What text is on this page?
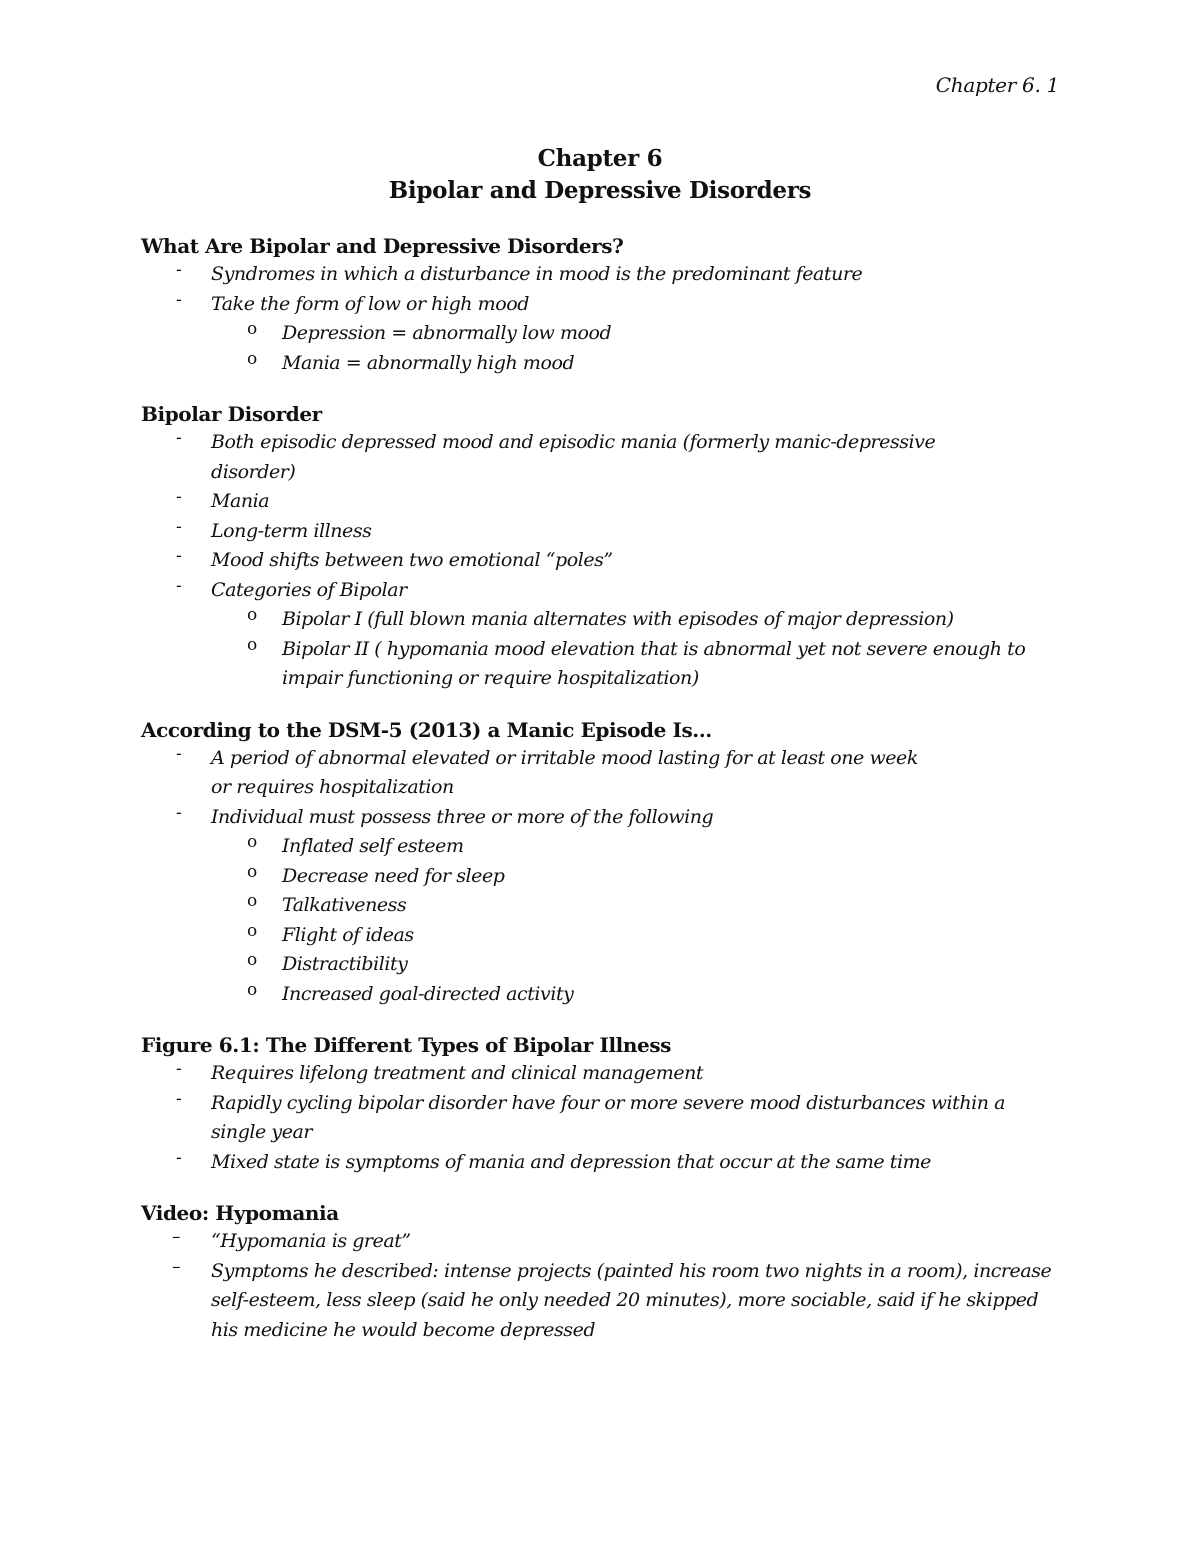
Chapter 6. 1
Chapter 6
Bipolar and Depressive Disorders
What Are Bipolar and Depressive Disorders?
- Syndromes in which a disturbance in mood is the predominant feature
- Take the form of low or high mood
o Depression = abnormally low mood
o Mania = abnormally high mood
Bipolar Disorder
- Both episodic depressed mood and episodic mania (formerly manic-depressive disorder)
- Mania
- Long-term illness
- Mood shifts between two emotional “poles”
- Categories of Bipolar
o Bipolar I (full blown mania alternates with episodes of major depression)
o Bipolar II ( hypomania mood elevation that is abnormal yet not severe enough to impair functioning or require hospitalization)
According to the DSM-5 (2013) a Manic Episode Is…
- A period of abnormal elevated or irritable mood lasting for at least one week
or requires hospitalization
- Individual must possess three or more of the following
o Inflated self esteem
o Decrease need for sleep
o Talkativeness
o Flight of ideas
o Distractibility
o Increased goal-directed activity
Figure 6.1: The Different Types of Bipolar Illness
- Requires lifelong treatment and clinical management
- Rapidly cycling bipolar disorder have four or more severe mood disturbances within a single year
- Mixed state is symptoms of mania and depression that occur at the same time
Video: Hypomania
– “Hypomania is great”
– Symptoms he described: intense projects (painted his room two nights in a room), increase self-esteem, less sleep (said he only needed 20 minutes), more sociable, said if he skipped his medicine he would become depressed
